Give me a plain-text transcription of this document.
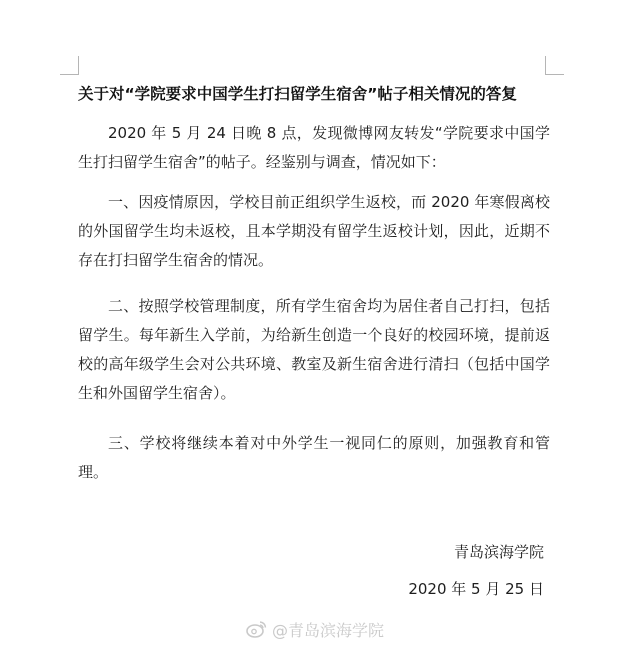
关于对“学院要求中国学生打扫留学生宿舍”帖子相关情况的答复

2020 年 5 月 24 日晚 8 点，发现微博网友转发“学院要求中国学生打扫留学生宿舍”的帖子。经鉴别与调查，情况如下：

一、因疫情原因，学校目前正组织学生返校，而 2020 年寒假离校的外国留学生均未返校，且本学期没有留学生返校计划，因此，近期不存在打扫留学生宿舍的情况。

二、按照学校管理制度，所有学生宿舍均为居住者自己打扫，包括留学生。每年新生入学前，为给新生创造一个良好的校园环境，提前返校的高年级学生会对公共环境、教室及新生宿舍进行清扫（包括中国学生和外国留学生宿舍）。

三、学校将继续本着对中外学生一视同仁的原则，加强教育和管理。

青岛滨海学院
2020 年 5 月 25 日
@青岛滨海学院
